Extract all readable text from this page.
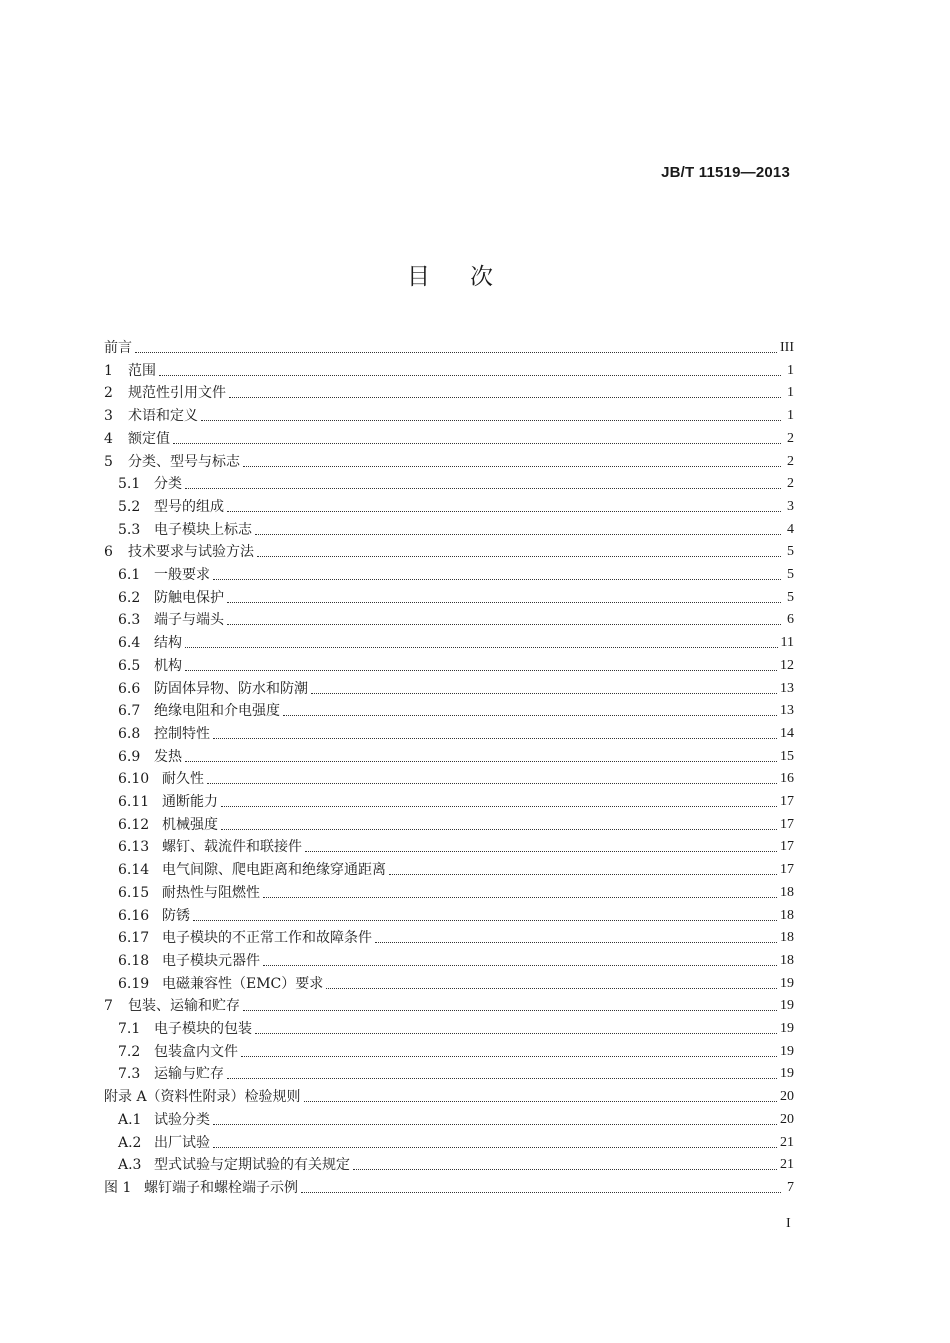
JB/T 11519—2013
目 次
前言	III
1	范围	1
2	规范性引用文件	1
3	术语和定义	1
4	额定值	2
5	分类、型号与标志	2
5.1 分类	2
5.2 型号的组成	3
5.3 电子模块上标志	4
6	技术要求与试验方法	5
6.1 一般要求	5
6.2 防触电保护	5
6.3 端子与端头	6
6.4 结构	11
6.5 机构	12
6.6 防固体异物、防水和防潮	13
6.7 绝缘电阻和介电强度	13
6.8 控制特性	14
6.9 发热	15
6.10 耐久性	16
6.11 通断能力	17
6.12 机械强度	17
6.13 螺钉、载流件和联接件	17
6.14 电气间隙、爬电距离和绝缘穿通距离	17
6.15 耐热性与阻燃性	18
6.16 防锈	18
6.17 电子模块的不正常工作和故障条件	18
6.18 电子模块元器件	18
6.19 电磁兼容性（EMC）要求	19
7	包装、运输和贮存	19
7.1 电子模块的包装	19
7.2 包装盒内文件	19
7.3 运输与贮存	19
附录 A（资料性附录）检验规则	20
A.1 试验分类	20
A.2 出厂试验	21
A.3 型式试验与定期试验的有关规定	21
图 1 螺钉端子和螺栓端子示例	7
I
